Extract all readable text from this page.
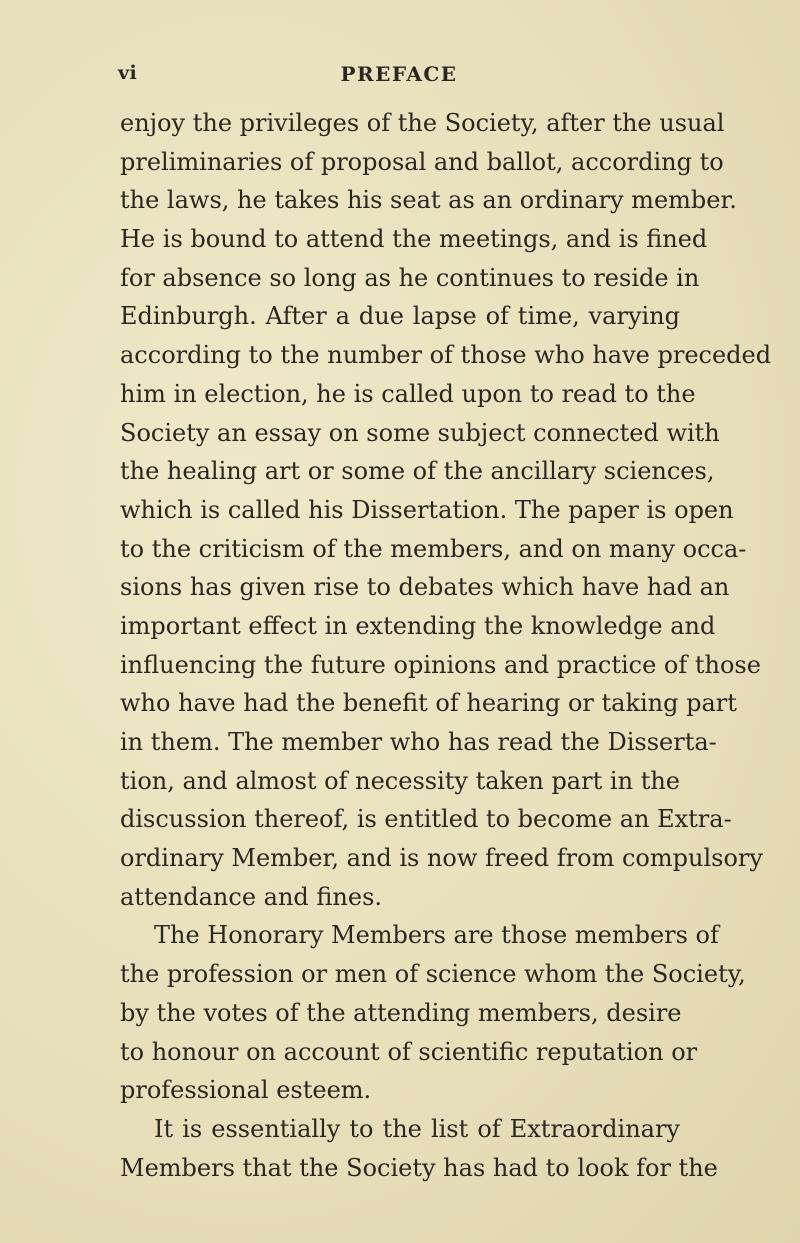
vi	PREFACE
enjoy the privileges of the Society, after the usual
preliminaries of proposal and ballot, according to
the laws, he takes his seat as an ordinary member.
He is bound to attend the meetings, and is fined
for absence so long as he continues to reside in
Edinburgh. After a due lapse of time, varying
according to the number of those who have preceded
him in election, he is called upon to read to the
Society an essay on some subject connected with
the healing art or some of the ancillary sciences,
which is called his Dissertation. The paper is open
to the criticism of the members, and on many occa-
sions has given rise to debates which have had an
important effect in extending the knowledge and
influencing the future opinions and practice of those
who have had the benefit of hearing or taking part
in them. The member who has read the Disserta-
tion, and almost of necessity taken part in the
discussion thereof, is entitled to become an Extra-
ordinary Member, and is now freed from compulsory
attendance and fines.
The Honorary Members are those members of
the profession or men of science whom the Society,
by the votes of the attending members, desire
to honour on account of scientific reputation or
professional esteem.
It is essentially to the list of Extraordinary
Members that the Society has had to look for the
